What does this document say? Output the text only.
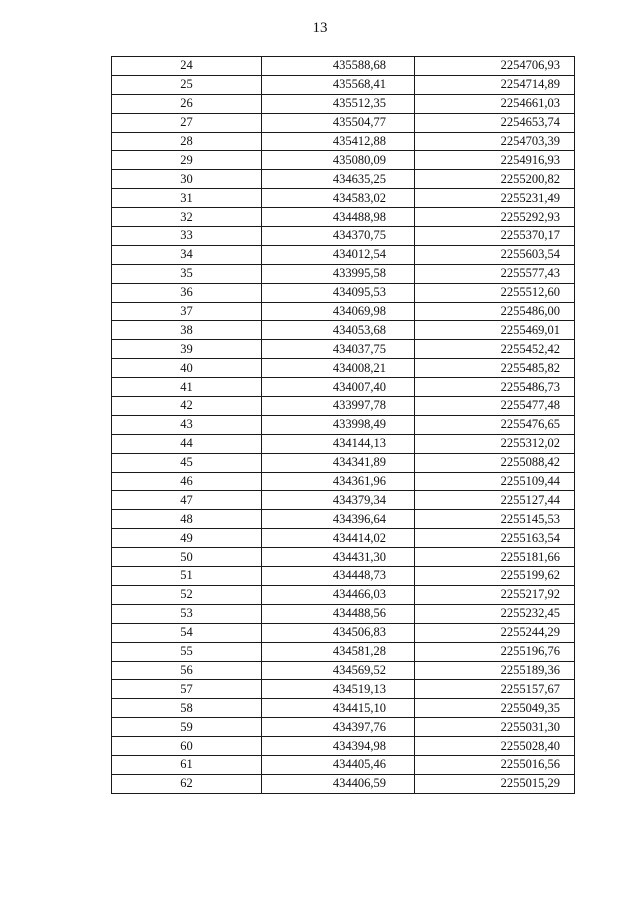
13
24	435588,68	2254706,93
25	435568,41	2254714,89
26	435512,35	2254661,03
27	435504,77	2254653,74
28	435412,88	2254703,39
29	435080,09	2254916,93
30	434635,25	2255200,82
31	434583,02	2255231,49
32	434488,98	2255292,93
33	434370,75	2255370,17
34	434012,54	2255603,54
35	433995,58	2255577,43
36	434095,53	2255512,60
37	434069,98	2255486,00
38	434053,68	2255469,01
39	434037,75	2255452,42
40	434008,21	2255485,82
41	434007,40	2255486,73
42	433997,78	2255477,48
43	433998,49	2255476,65
44	434144,13	2255312,02
45	434341,89	2255088,42
46	434361,96	2255109,44
47	434379,34	2255127,44
48	434396,64	2255145,53
49	434414,02	2255163,54
50	434431,30	2255181,66
51	434448,73	2255199,62
52	434466,03	2255217,92
53	434488,56	2255232,45
54	434506,83	2255244,29
55	434581,28	2255196,76
56	434569,52	2255189,36
57	434519,13	2255157,67
58	434415,10	2255049,35
59	434397,76	2255031,30
60	434394,98	2255028,40
61	434405,46	2255016,56
62	434406,59	2255015,29
